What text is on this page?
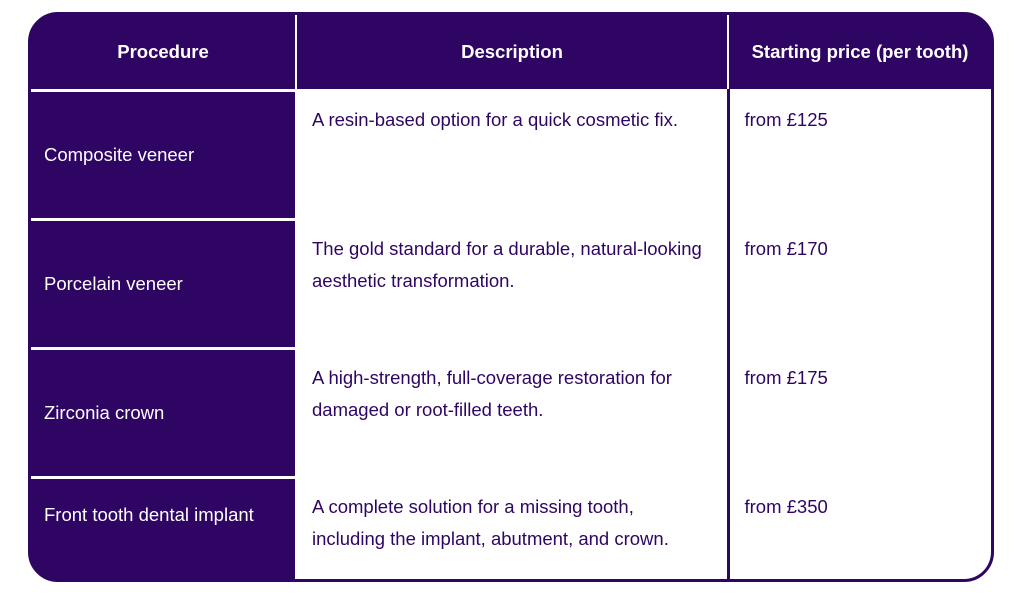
Procedure	Description	Starting price (per tooth)
Composite veneer	A resin-based option for a quick cosmetic fix.	from £125
Porcelain veneer	The gold standard for a durable, natural-looking aesthetic transformation.	from £170
Zirconia crown	A high-strength, full-coverage restoration for damaged or root-filled teeth.	from £175
Front tooth dental implant	A complete solution for a missing tooth, including the implant, abutment, and crown.	from £350
